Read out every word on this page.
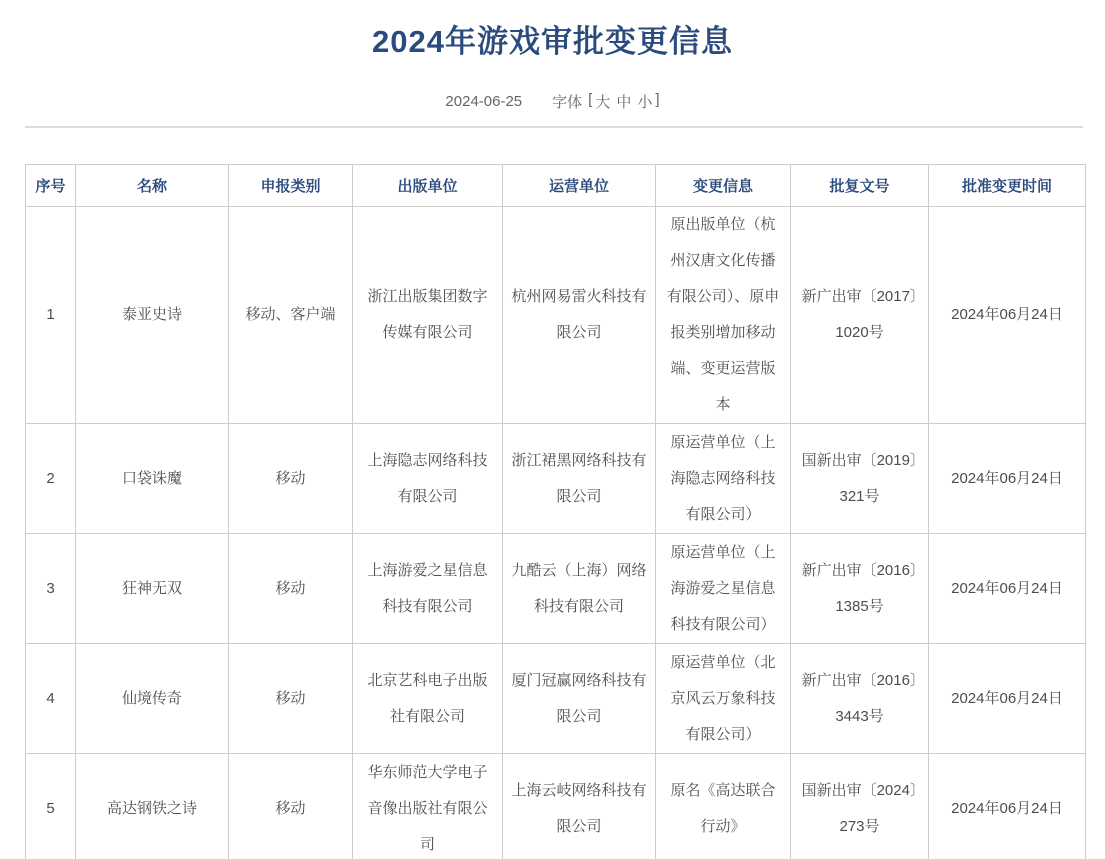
2024年游戏审批变更信息
2024-06-25 字体 [ 大 中 小 ]
序号	名称	申报类别	出版单位	运营单位	变更信息	批复文号	批准变更时间
1	泰亚史诗	移动、客户端	浙江出版集团数字传媒有限公司	杭州网易雷火科技有限公司	原出版单位（杭州汉唐文化传播有限公司）、原申报类别增加移动端、变更运营版本	新广出审〔2017〕1020号	2024年06月24日
2	口袋诛魔	移动	上海隐志网络科技有限公司	浙江裙黑网络科技有限公司	原运营单位（上海隐志网络科技有限公司）	国新出审〔2019〕321号	2024年06月24日
3	狂神无双	移动	上海游爱之星信息科技有限公司	九酷云（上海）网络科技有限公司	原运营单位（上海游爱之星信息科技有限公司）	新广出审〔2016〕1385号	2024年06月24日
4	仙境传奇	移动	北京艺科电子出版社有限公司	厦门冠赢网络科技有限公司	原运营单位（北京风云万象科技有限公司）	新广出审〔2016〕3443号	2024年06月24日
5	高达钢铁之诗	移动	华东师范大学电子音像出版社有限公司	上海云岐网络科技有限公司	原名《高达联合行动》	国新出审〔2024〕273号	2024年06月24日
